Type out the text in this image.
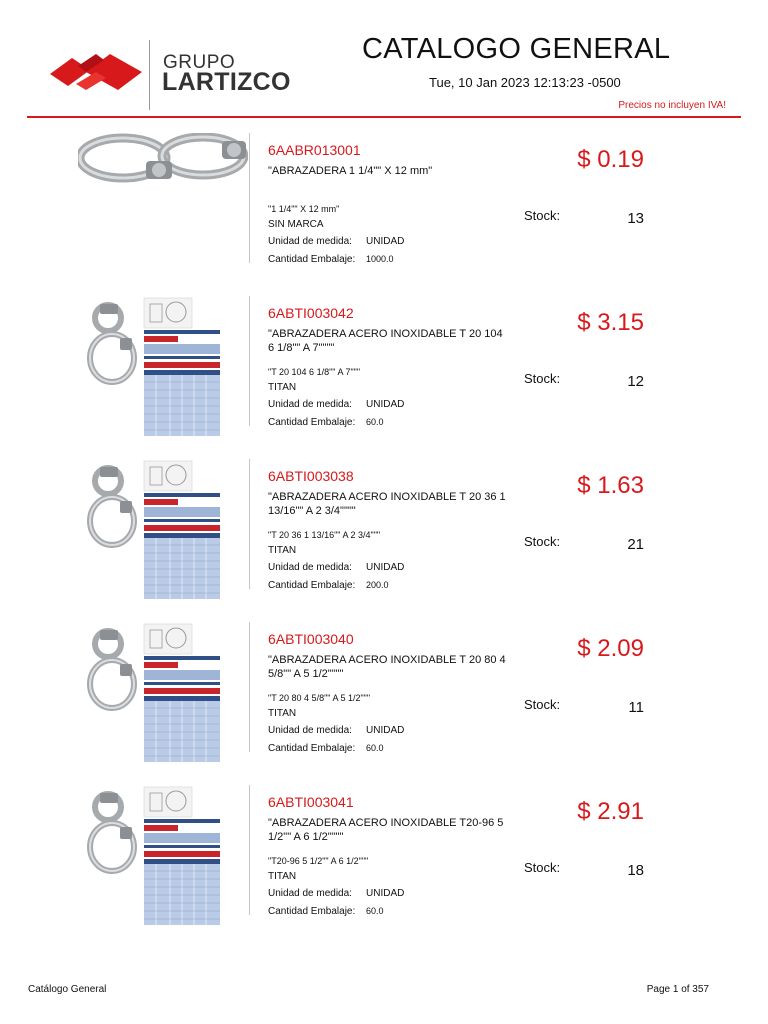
GRUPO
LARTIZCO
CATALOGO GENERAL
Tue, 10 Jan 2023 12:13:23 -0500
Precios no incluyen IVA!
6AABR013001
"ABRAZADERA 1 1/4"" X 12 mm"
"1 1/4"" X 12 mm"
SIN MARCA
Unidad de medida: UNIDAD
Cantidad Embalaje: 1000.0
$ 0.19
Stock:	13
6ABTI003042
"ABRAZADERA ACERO INOXIDABLE T 20 104 6 1/8"" A 7""""
"T 20 104 6 1/8"" A 7"""
TITAN
Unidad de medida: UNIDAD
Cantidad Embalaje: 60.0
$ 3.15
Stock:	12
6ABTI003038
"ABRAZADERA ACERO INOXIDABLE T 20 36 1 13/16"" A 2 3/4""""
"T 20 36 1 13/16"" A 2 3/4"""
TITAN
Unidad de medida: UNIDAD
Cantidad Embalaje: 200.0
$ 1.63
Stock:	21
6ABTI003040
"ABRAZADERA ACERO INOXIDABLE T 20 80 4 5/8"" A 5 1/2""""
"T 20 80 4 5/8"" A 5 1/2"""
TITAN
Unidad de medida: UNIDAD
Cantidad Embalaje: 60.0
$ 2.09
Stock:	11
6ABTI003041
"ABRAZADERA ACERO INOXIDABLE T20-96 5 1/2"" A 6 1/2""""
"T20-96 5 1/2"" A 6 1/2"""
TITAN
Unidad de medida: UNIDAD
Cantidad Embalaje: 60.0
$ 2.91
Stock:	18
Catálogo General	Page 1 of 357
